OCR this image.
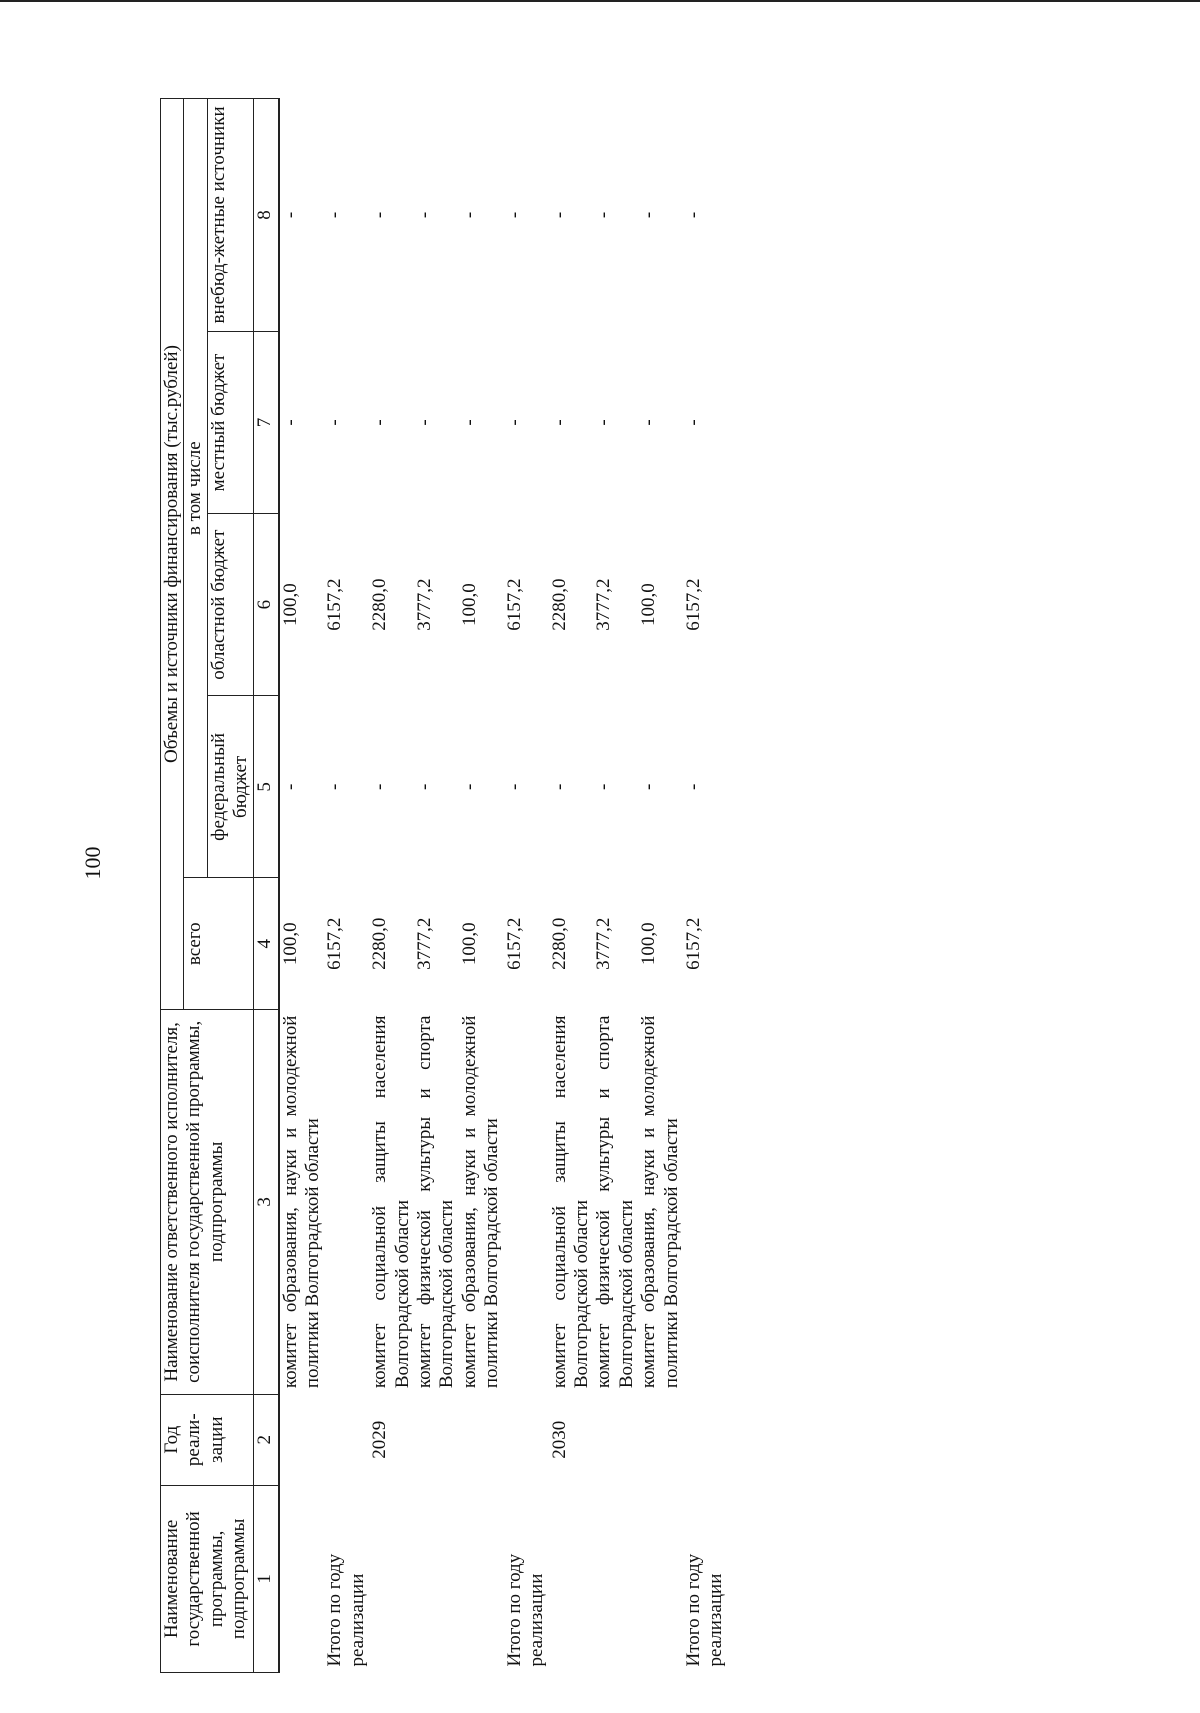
100
Наименование государственной программы, подпрограммы	Год реали-зации	Наименование ответственного исполнителя, соисполнителя государственной программы, подпрограммы	Объемы и источники финансирования (тыс.рублей)				
			всего	в том числе			
				федеральный бюджет	областной бюджет	местный бюджет	внебюд-жетные источники
1	2	3	4	5	6	7	8
		комитет образования, науки и молодежной политики Волгоградской области	100,0	-	100,0	-	-
Итого по году реализации			6157,2	-	6157,2	-	-
	2029	комитет социальной защиты населения Волгоградской области	2280,0	-	2280,0	-	-
		комитет физической культуры и спорта Волгоградской области	3777,2	-	3777,2	-	-
		комитет образования, науки и молодежной политики Волгоградской области	100,0	-	100,0	-	-
Итого по году реализации			6157,2	-	6157,2	-	-
	2030	комитет социальной защиты населения Волгоградской области	2280,0	-	2280,0	-	-
		комитет физической культуры и спорта Волгоградской области	3777,2	-	3777,2	-	-
		комитет образования, науки и молодежной политики Волгоградской области	100,0	-	100,0	-	-
Итого по году реализации			6157,2	-	6157,2	-	-
